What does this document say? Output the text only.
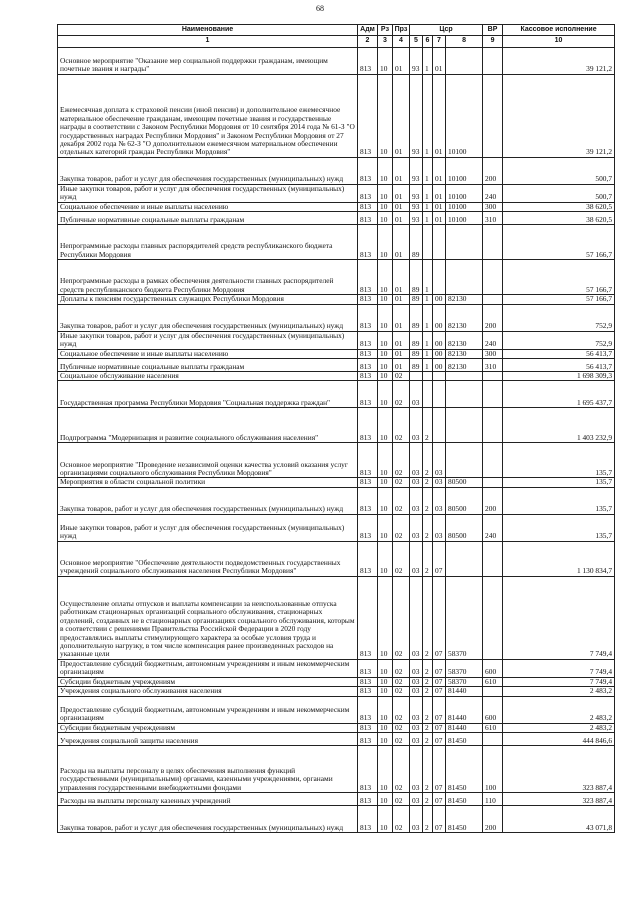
68
Наименование	Адм	Рз	Прз	Цср				ВР	Кассовое исполнение
1	2	3	4	5	6	7	8	9	10
Основное мероприятие "Оказание мер социальной поддержки гражданам, имеющим почетные звания и награды"	813	10	01	93	1	01			39 121,2
Ежемесячная доплата к страховой пенсии (иной пенсии) и дополнительное ежемесячное материальное обеспечение гражданам, имеющим почетные звания и государственные награды в соответствии с Законом Республики Мордовия от 10 сентября 2014 года № 61-З "О государственных наградах Республики Мордовия" и Законом Республики Мордовия от 27 декабря 2002 года № 62-З "О дополнительном ежемесячном материальном обеспечении отдельных категорий граждан Республики Мордовия"	813	10	01	93	1	01	10100		39 121,2
Закупка товаров, работ и услуг для обеспечения государственных (муниципальных) нужд	813	10	01	93	1	01	10100	200	500,7
Иные закупки товаров, работ и услуг для обеспечения государственных (муниципальных) нужд	813	10	01	93	1	01	10100	240	500,7
Социальное обеспечение и иные выплаты населению	813	10	01	93	1	01	10100	300	38 620,5
Публичные нормативные социальные выплаты гражданам	813	10	01	93	1	01	10100	310	38 620,5
Непрограммные расходы главных распорядителей средств республиканского бюджета Республики Мордовия	813	10	01	89					57 166,7
Непрограммные расходы в рамках обеспечения деятельности главных распорядителей средств республиканского бюджета Республики Мордовия	813	10	01	89	1				57 166,7
Доплаты к пенсиям государственных служащих Республики Мордовия	813	10	01	89	1	00	82130		57 166,7
Закупка товаров, работ и услуг для обеспечения государственных (муниципальных) нужд	813	10	01	89	1	00	82130	200	752,9
Иные закупки товаров, работ и услуг для обеспечения государственных (муниципальных) нужд	813	10	01	89	1	00	82130	240	752,9
Социальное обеспечение и иные выплаты населению	813	10	01	89	1	00	82130	300	56 413,7
Публичные нормативные социальные выплаты гражданам	813	10	01	89	1	00	82130	310	56 413,7
Социальное обслуживание населения	813	10	02						1 698 309,3
Государственная программа Республики Мордовия "Социальная поддержка граждан"	813	10	02	03					1 695 437,7
Подпрограмма "Модернизация и развитие социального обслуживания населения"	813	10	02	03	2				1 403 232,9
Основное мероприятие "Проведение независимой оценки качества условий оказания услуг организациями социального обслуживания Республики Мордовия"	813	10	02	03	2	03			135,7
Мероприятия в области социальной политики	813	10	02	03	2	03	80500		135,7
Закупка товаров, работ и услуг для обеспечения государственных (муниципальных) нужд	813	10	02	03	2	03	80500	200	135,7
Иные закупки товаров, работ и услуг для обеспечения государственных (муниципальных) нужд	813	10	02	03	2	03	80500	240	135,7
Основное мероприятие "Обеспечение деятельности подведомственных государственных учреждений социального обслуживания населения Республики Мордовия"	813	10	02	03	2	07			1 130 834,7
Осуществление оплаты отпусков и выплаты компенсации за неиспользованные отпуска работникам стационарных организаций социального обслуживания, стационарных отделений, созданных не в стационарных организациях социального обслуживания, которым в соответствии с решениями Правительства Российской Федерации в 2020 году предоставлялись выплаты стимулирующего характера за особые условия труда и дополнительную нагрузку, в том числе компенсация ранее произведенных расходов на указанные цели	813	10	02	03	2	07	58370		7 749,4
Предоставление субсидий бюджетным, автономным учреждениям и иным некоммерческим организациям	813	10	02	03	2	07	58370	600	7 749,4
Субсидии бюджетным учреждениям	813	10	02	03	2	07	58370	610	7 749,4
Учреждения социального обслуживания населения	813	10	02	03	2	07	81440		2 483,2
Предоставление субсидий бюджетным, автономным учреждениям и иным некоммерческим организациям	813	10	02	03	2	07	81440	600	2 483,2
Субсидии бюджетным учреждениям	813	10	02	03	2	07	81440	610	2 483,2
Учреждения социальной защиты населения	813	10	02	03	2	07	81450		444 846,6
Расходы на выплаты персоналу в целях обеспечения выполнения функций государственными (муниципальными) органами, казенными учреждениями, органами управления государственными внебюджетными фондами	813	10	02	03	2	07	81450	100	323 887,4
Расходы на выплаты персоналу казенных учреждений	813	10	02	03	2	07	81450	110	323 887,4
Закупка товаров, работ и услуг для обеспечения государственных (муниципальных) нужд	813	10	02	03	2	07	81450	200	43 071,8
